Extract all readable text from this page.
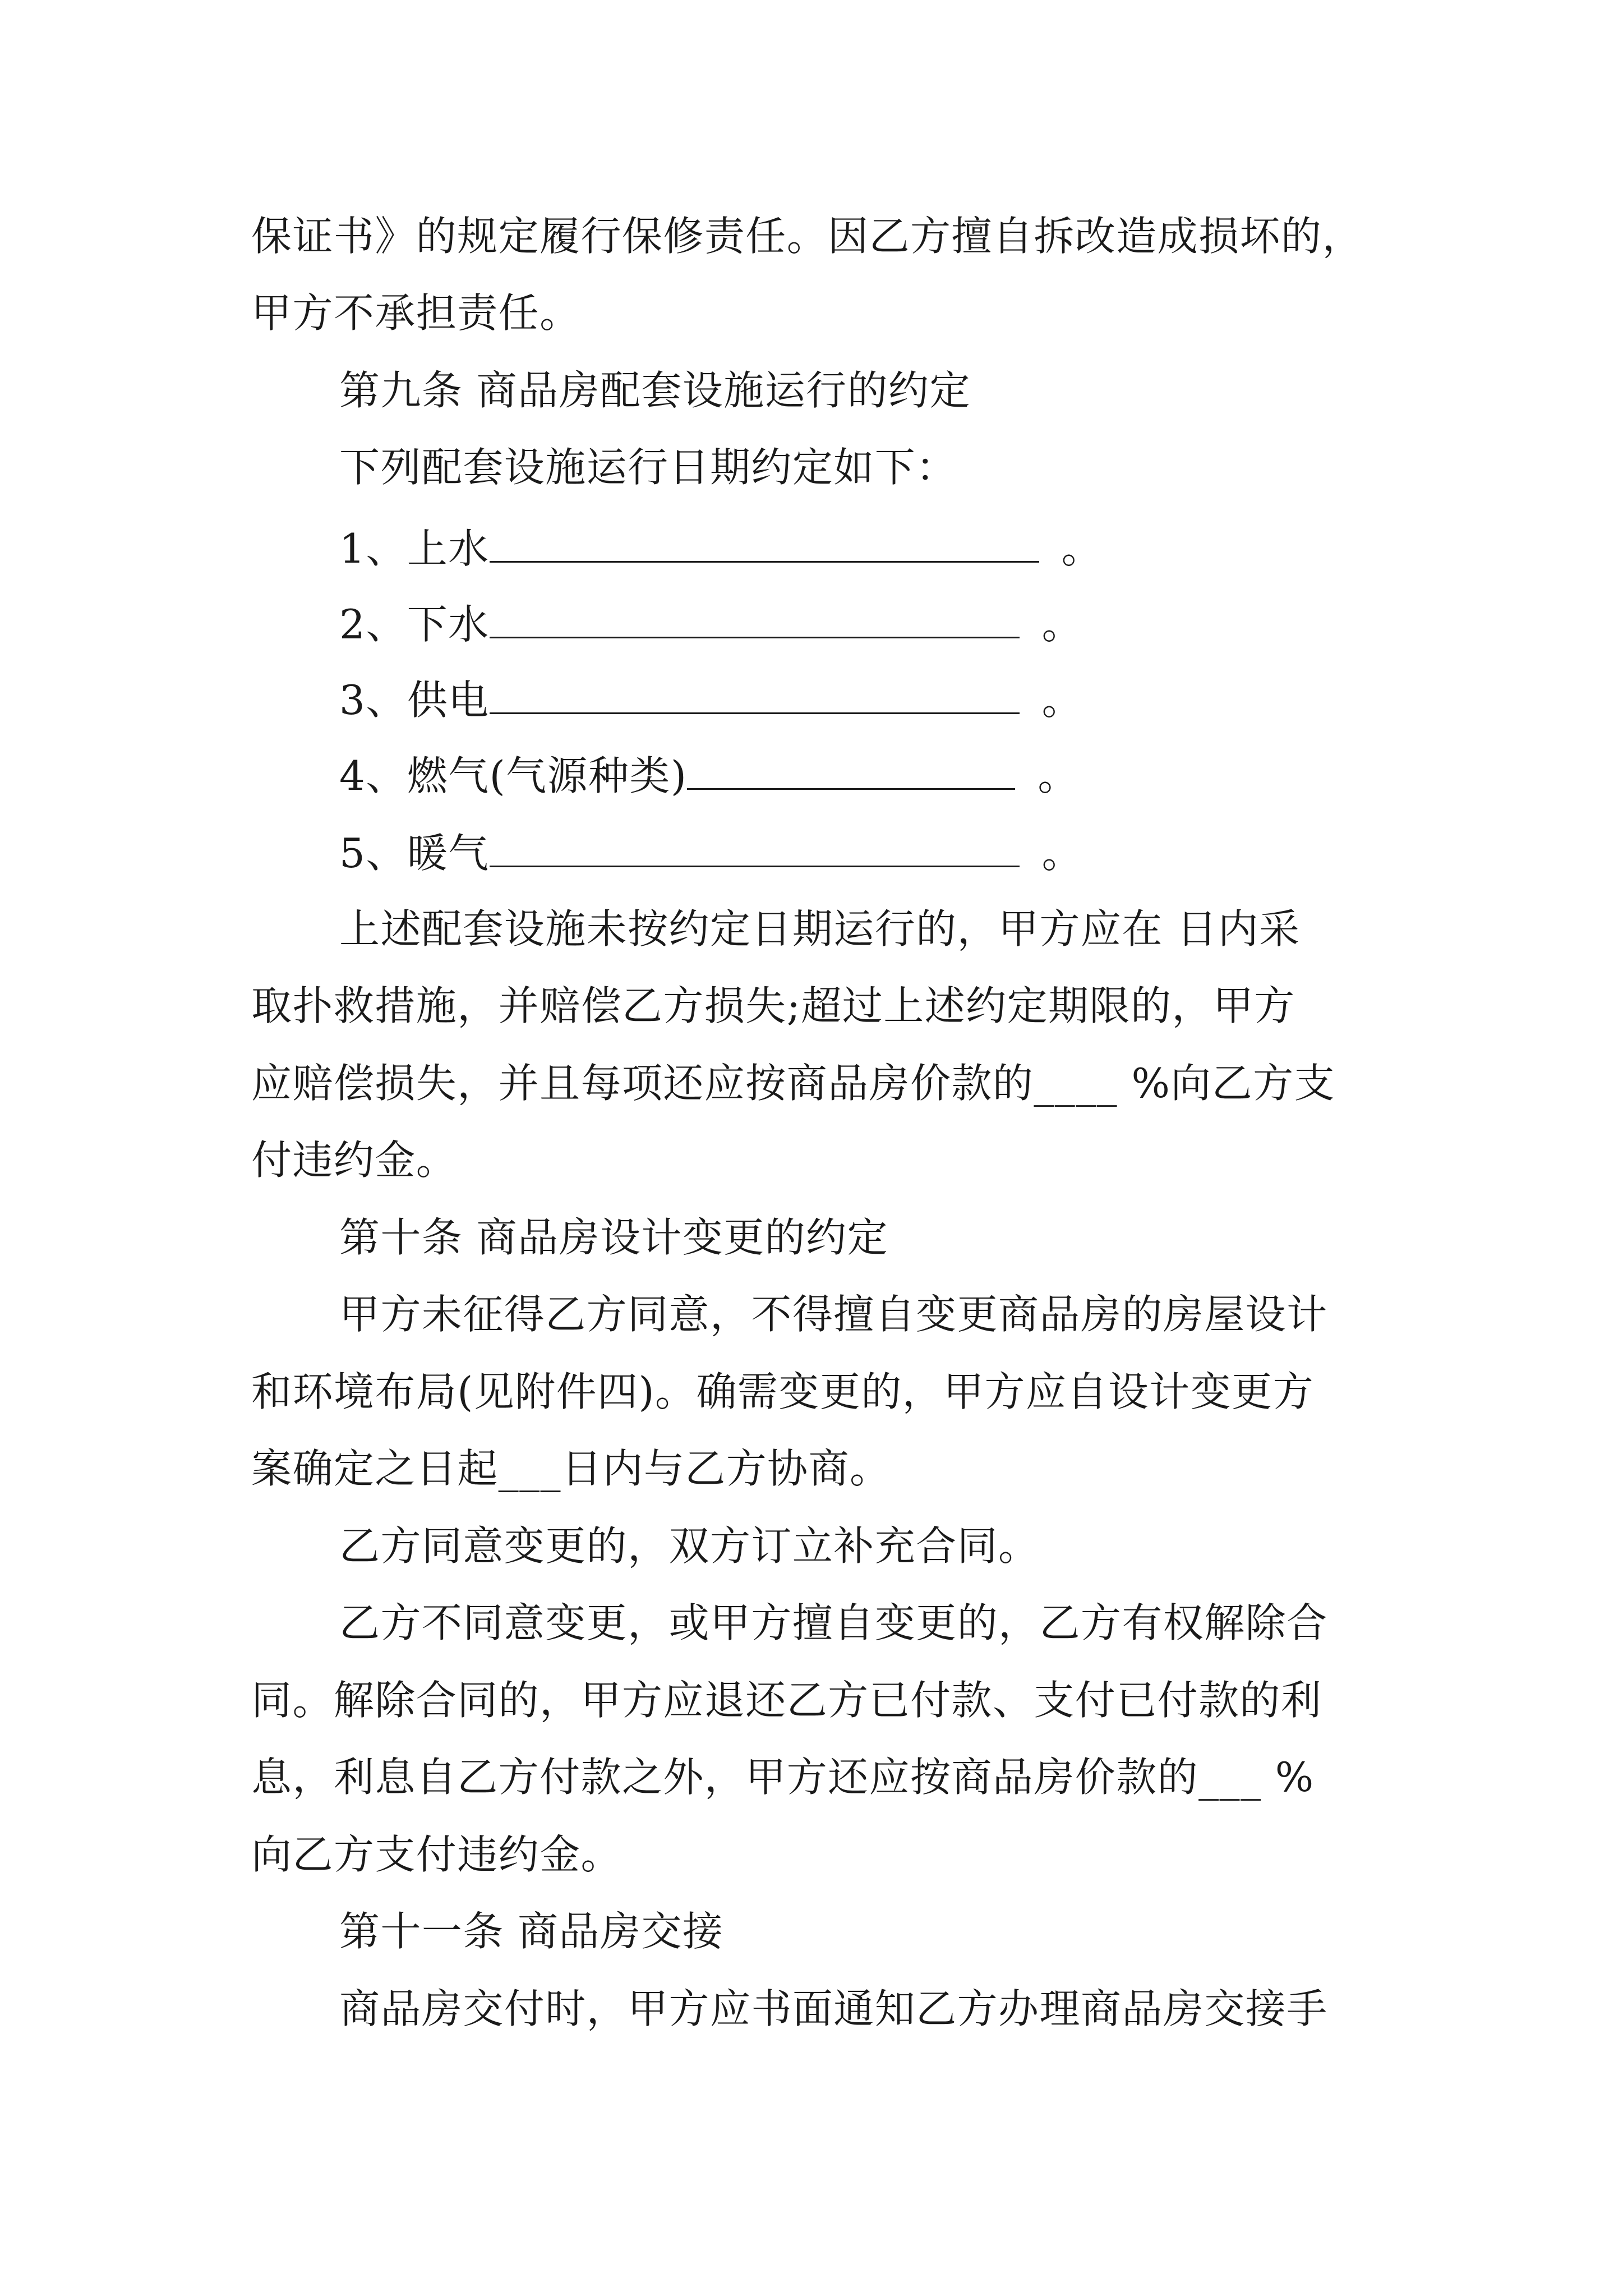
保证书》的规定履行保修责任。因乙方擅自拆改造成损坏的，
甲方不承担责任。
第九条 商品房配套设施运行的约定
下列配套设施运行日期约定如下：
1、上水	。
2、下水	。
3、供电	。
4、燃气(气源种类)	。
5、暖气	。
上述配套设施未按约定日期运行的，甲方应在 日内采
取扑救措施，并赔偿乙方损失;超过上述约定期限的，甲方
应赔偿损失，并且每项还应按商品房价款的____ %向乙方支
付违约金。
第十条 商品房设计变更的约定
甲方未征得乙方同意，不得擅自变更商品房的房屋设计
和环境布局(见附件四)。确需变更的，甲方应自设计变更方
案确定之日起___日内与乙方协商。
乙方同意变更的，双方订立补充合同。
乙方不同意变更，或甲方擅自变更的，乙方有权解除合
同。解除合同的，甲方应退还乙方已付款、支付已付款的利
息，利息自乙方付款之外，甲方还应按商品房价款的___ %
向乙方支付违约金。
第十一条 商品房交接
商品房交付时，甲方应书面通知乙方办理商品房交接手
